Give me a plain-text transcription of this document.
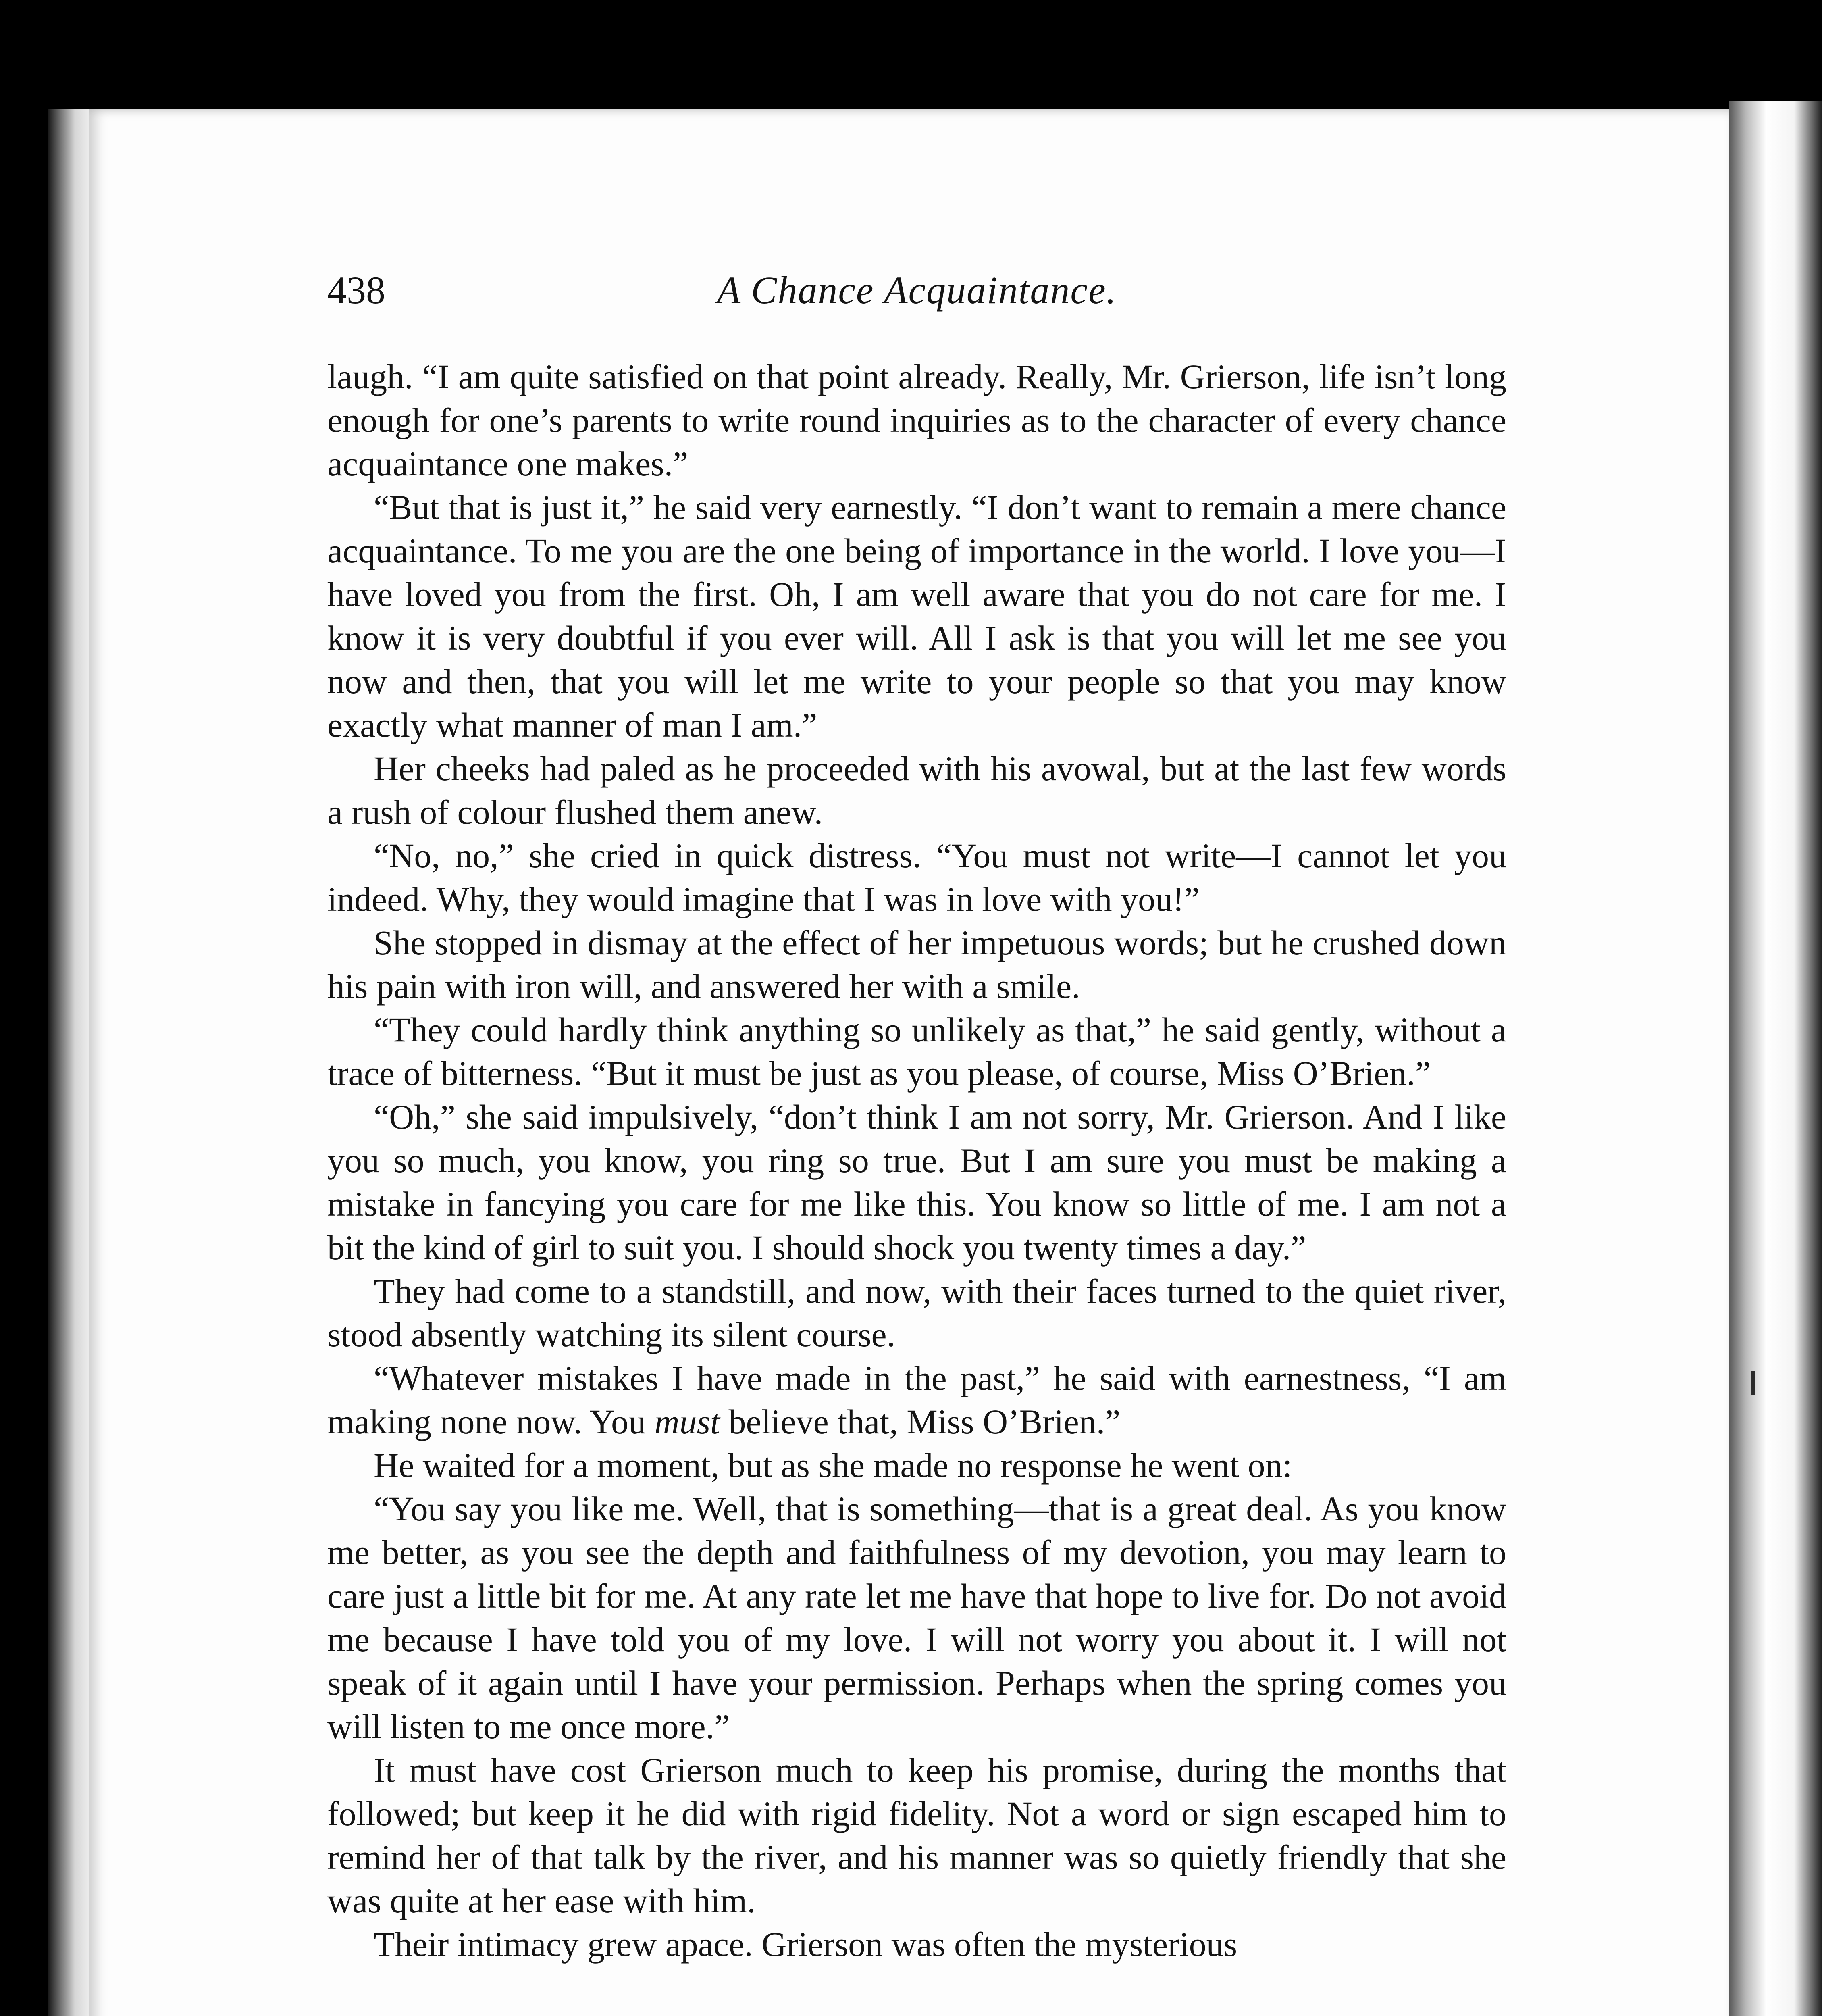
438	A Chance Acquaintance.

laugh. “I am quite satisfied on that point already. Really, Mr. Grierson, life isn’t long enough for one’s parents to write round inquiries as to the character of every chance acquaintance one makes.”

“But that is just it,” he said very earnestly. “I don’t want to remain a mere chance acquaintance. To me you are the one being of importance in the world. I love you—I have loved you from the first. Oh, I am well aware that you do not care for me. I know it is very doubtful if you ever will. All I ask is that you will let me see you now and then, that you will let me write to your people so that you may know exactly what manner of man I am.”

Her cheeks had paled as he proceeded with his avowal, but at the last few words a rush of colour flushed them anew.

“No, no,” she cried in quick distress. “You must not write—I cannot let you indeed. Why, they would imagine that I was in love with you!”

She stopped in dismay at the effect of her impetuous words; but he crushed down his pain with iron will, and answered her with a smile.

“They could hardly think anything so unlikely as that,” he said gently, without a trace of bitterness. “But it must be just as you please, of course, Miss O’Brien.”

“Oh,” she said impulsively, “don’t think I am not sorry, Mr. Grierson. And I like you so much, you know, you ring so true. But I am sure you must be making a mistake in fancying you care for me like this. You know so little of me. I am not a bit the kind of girl to suit you. I should shock you twenty times a day.”

They had come to a standstill, and now, with their faces turned to the quiet river, stood absently watching its silent course.

“Whatever mistakes I have made in the past,” he said with earnestness, “I am making none now. You must believe that, Miss O’Brien.”

He waited for a moment, but as she made no response he went on:

“You say you like me. Well, that is something—that is a great deal. As you know me better, as you see the depth and faithfulness of my devotion, you may learn to care just a little bit for me. At any rate let me have that hope to live for. Do not avoid me because I have told you of my love. I will not worry you about it. I will not speak of it again until I have your permission. Perhaps when the spring comes you will listen to me once more.”

It must have cost Grierson much to keep his promise, during the months that followed; but keep it he did with rigid fidelity. Not a word or sign escaped him to remind her of that talk by the river, and his manner was so quietly friendly that she was quite at her ease with him.

Their intimacy grew apace. Grierson was often the mysterious
